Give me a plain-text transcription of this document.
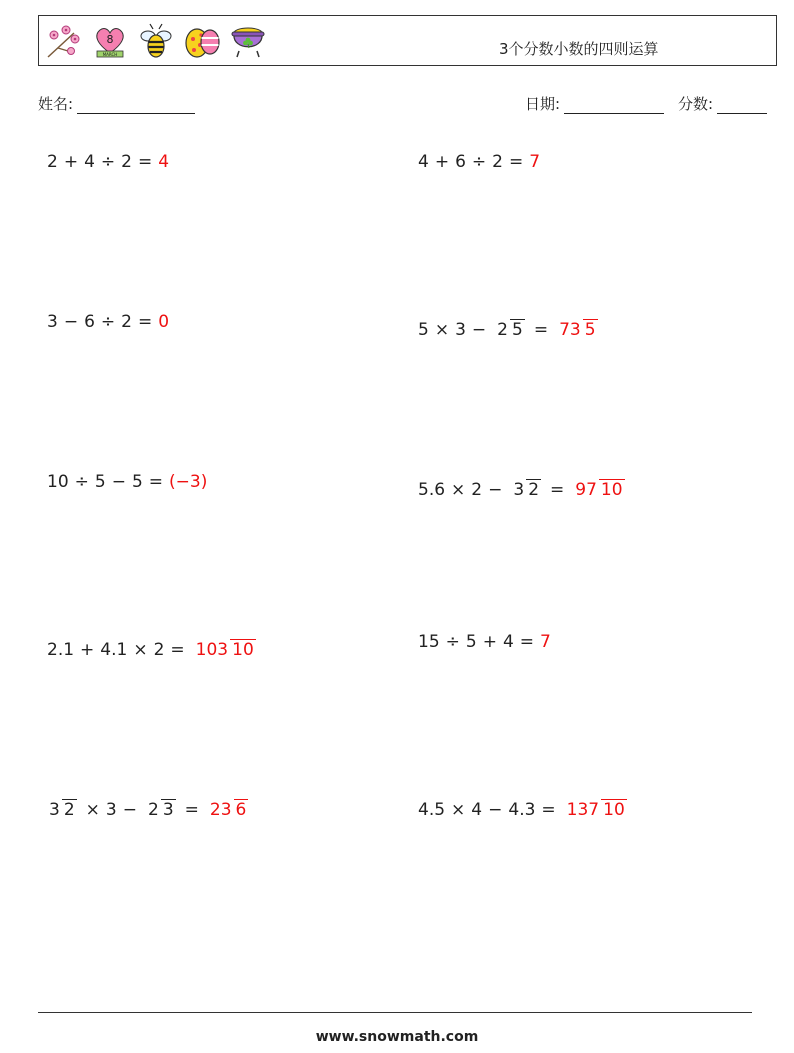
8
MARCH	3个分数小数的四则运算
姓名:	日期:	分数:
2 + 4 ÷ 2 = 4	4 + 6 ÷ 2 = 7
3 − 6 ÷ 2 = 0	5 × 3 − 2 5 = 73 5
10 ÷ 5 − 5 = (−3)	5.6 × 2 − 3 2 = 97 10
2.1 + 4.1 × 2 = 103 10	15 ÷ 5 + 4 = 7
3 2 × 3 − 2 3 = 23 6	4.5 × 4 − 4.3 = 137 10
www.snowmath.com
